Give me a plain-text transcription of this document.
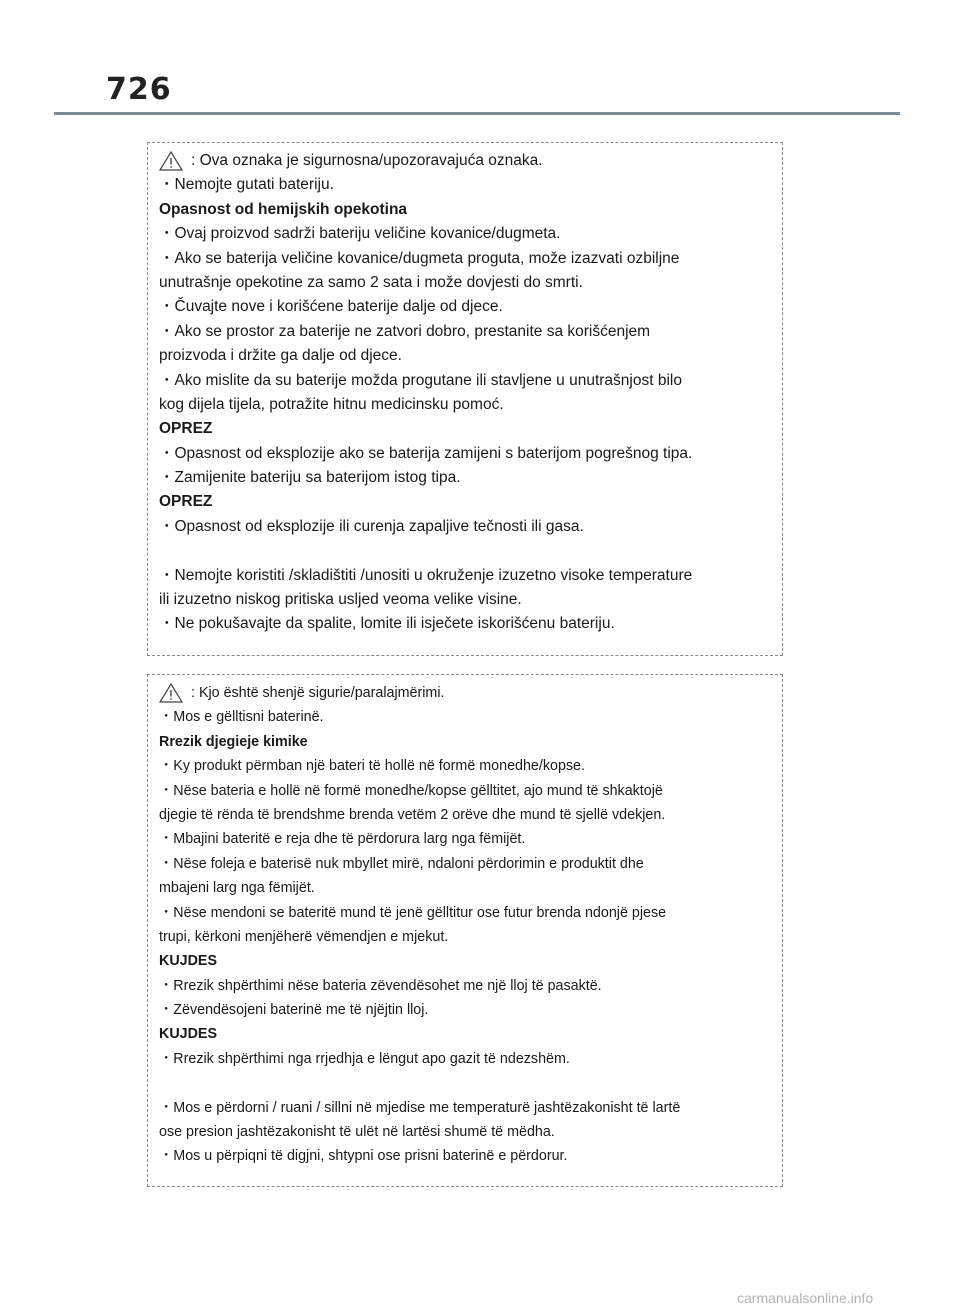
726
: Ova oznaka je sigurnosna/upozoravajuća oznaka.
・Nemojte gutati bateriju.
Opasnost od hemijskih opekotina
・Ovaj proizvod sadrži bateriju veličine kovanice/dugmeta.
・Ako se baterija veličine kovanice/dugmeta proguta, može izazvati ozbiljne
unutrašnje opekotine za samo 2 sata i može dovjesti do smrti.
・Čuvajte nove i korišćene baterije dalje od djece.
・Ako se prostor za baterije ne zatvori dobro, prestanite sa korišćenjem
proizvoda i držite ga dalje od djece.
・Ako mislite da su baterije možda progutane ili stavljene u unutrašnjost bilo
kog dijela tijela, potražite hitnu medicinsku pomoć.
OPREZ
・Opasnost od eksplozije ako se baterija zamijeni s baterijom pogrešnog tipa.
・Zamijenite bateriju sa baterijom istog tipa.
OPREZ
・Opasnost od eksplozije ili curenja zapaljive tečnosti ili gasa.
・Nemojte koristiti /skladištiti /unositi u okruženje izuzetno visoke temperature
ili izuzetno niskog pritiska usljed veoma velike visine.
・Ne pokušavajte da spalite, lomite ili isječete iskorišćenu bateriju.
: Kjo është shenjë sigurie/paralajmërimi.
・Mos e gëlltisni baterinë.
Rrezik djegieje kimike
・Ky produkt përmban një bateri të hollë në formë monedhe/kopse.
・Nëse bateria e hollë në formë monedhe/kopse gëlltitet, ajo mund të shkaktojë
djegie të rënda të brendshme brenda vetëm 2 orëve dhe mund të sjellë vdekjen.
・Mbajini bateritë e reja dhe të përdorura larg nga fëmijët.
・Nëse foleja e baterisë nuk mbyllet mirë, ndaloni përdorimin e produktit dhe
mbajeni larg nga fëmijët.
・Nëse mendoni se bateritë mund të jenë gëlltitur ose futur brenda ndonjë pjese
trupi, kërkoni menjëherë vëmendjen e mjekut.
KUJDES
・Rrezik shpërthimi nëse bateria zëvendësohet me një lloj të pasaktë.
・Zëvendësojeni baterinë me të njëjtin lloj.
KUJDES
・Rrezik shpërthimi nga rrjedhja e lëngut apo gazit të ndezshëm.
・Mos e përdorni / ruani / sillni në mjedise me temperaturë jashtëzakonisht të lartë
ose presion jashtëzakonisht të ulët në lartësi shumë të mëdha.
・Mos u përpiqni të digjni, shtypni ose prisni baterinë e përdorur.
carmanualsonline.info
